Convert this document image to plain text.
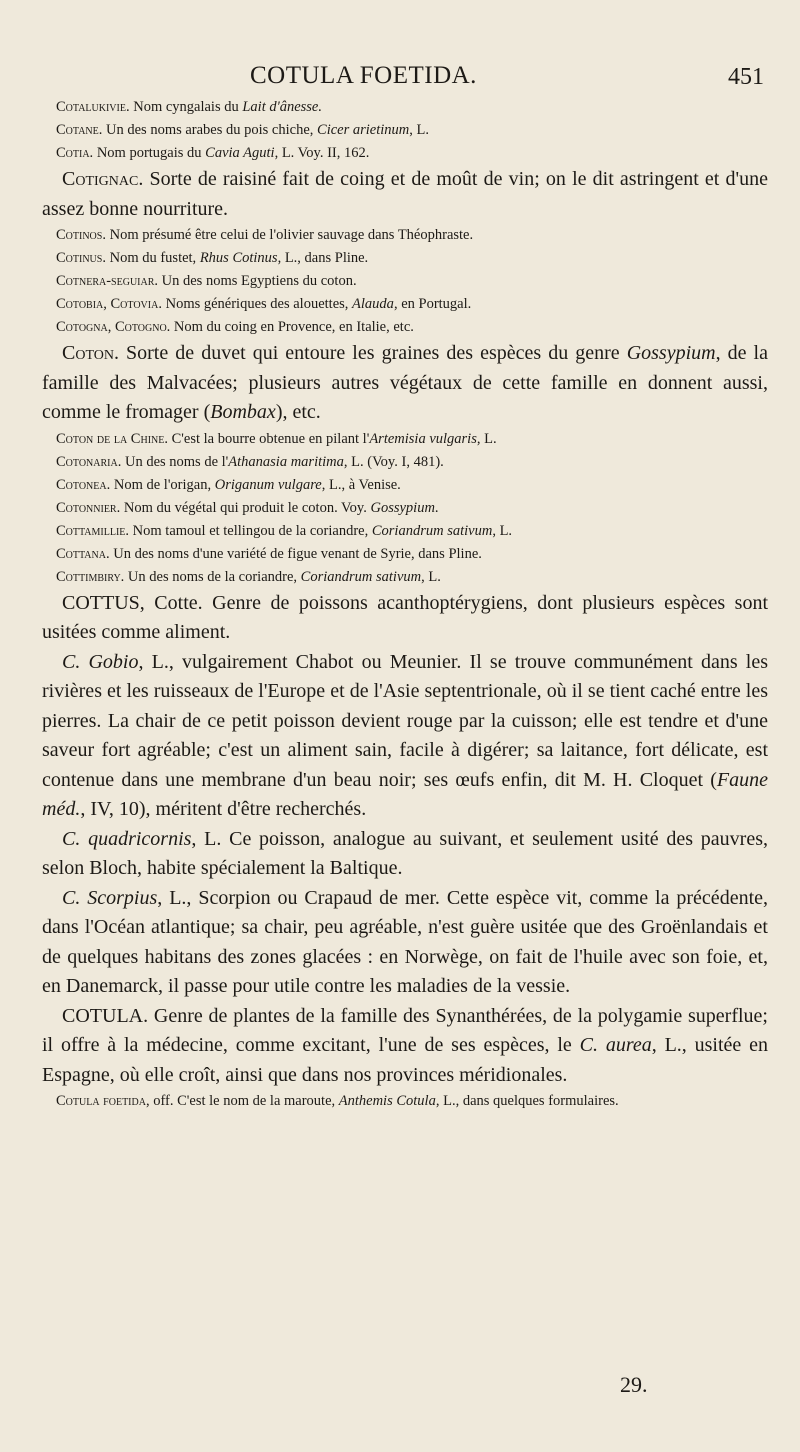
COTULA FOETIDA.	451

Cotalukivie. Nom cyngalais du Lait d'ânesse.

Cotane. Un des noms arabes du pois chiche, Cicer arietinum, L.

Cotia. Nom portugais du Cavia Aguti, L. Voy. II, 162.

Cotignac. Sorte de raisiné fait de coing et de moût de vin; on le dit astringent et d'une assez bonne nourriture.

Cotinos. Nom présumé être celui de l'olivier sauvage dans Théophraste.

Cotinus. Nom du fustet, Rhus Cotinus, L., dans Pline.

Cotnera-seguiar. Un des noms Egyptiens du coton.

Cotobia, Cotovia. Noms génériques des alouettes, Alauda, en Portugal.

Cotogna, Cotogno. Nom du coing en Provence, en Italie, etc.

Coton. Sorte de duvet qui entoure les graines des espèces du genre Gossypium, de la famille des Malvacées; plusieurs autres végétaux de cette famille en donnent aussi, comme le fromager (Bombax), etc.

Coton de la Chine. C'est la bourre obtenue en pilant l'Artemisia vulgaris, L.

Cotonaria. Un des noms de l'Athanasia maritima, L. (Voy. I, 481).

Cotonea. Nom de l'origan, Origanum vulgare, L., à Venise.

Cotonnier. Nom du végétal qui produit le coton. Voy. Gossypium.

Cottamillie. Nom tamoul et tellingou de la coriandre, Coriandrum sativum, L.

Cottana. Un des noms d'une variété de figue venant de Syrie, dans Pline.

Cottimbiry. Un des noms de la coriandre, Coriandrum sativum, L.

COTTUS, Cotte. Genre de poissons acanthoptérygiens, dont plusieurs espèces sont usitées comme aliment.

C. Gobio, L., vulgairement Chabot ou Meunier. Il se trouve communément dans les rivières et les ruisseaux de l'Europe et de l'Asie septentrionale, où il se tient caché entre les pierres. La chair de ce petit poisson devient rouge par la cuisson; elle est tendre et d'une saveur fort agréable; c'est un aliment sain, facile à digérer; sa laitance, fort délicate, est contenue dans une membrane d'un beau noir; ses œufs enfin, dit M. H. Cloquet (Faune méd., IV, 10), méritent d'être recherchés.

C. quadricornis, L. Ce poisson, analogue au suivant, et seulement usité des pauvres, selon Bloch, habite spécialement la Baltique.

C. Scorpius, L., Scorpion ou Crapaud de mer. Cette espèce vit, comme la précédente, dans l'Océan atlantique; sa chair, peu agréable, n'est guère usitée que des Groënlandais et de quelques habitans des zones glacées : en Norwège, on fait de l'huile avec son foie, et, en Danemarck, il passe pour utile contre les maladies de la vessie.

COTULA. Genre de plantes de la famille des Synanthérées, de la polygamie superflue; il offre à la médecine, comme excitant, l'une de ses espèces, le C. aurea, L., usitée en Espagne, où elle croît, ainsi que dans nos provinces méridionales.

Cotula foetida, off. C'est le nom de la maroute, Anthemis Cotula, L., dans quelques formulaires.

29.
